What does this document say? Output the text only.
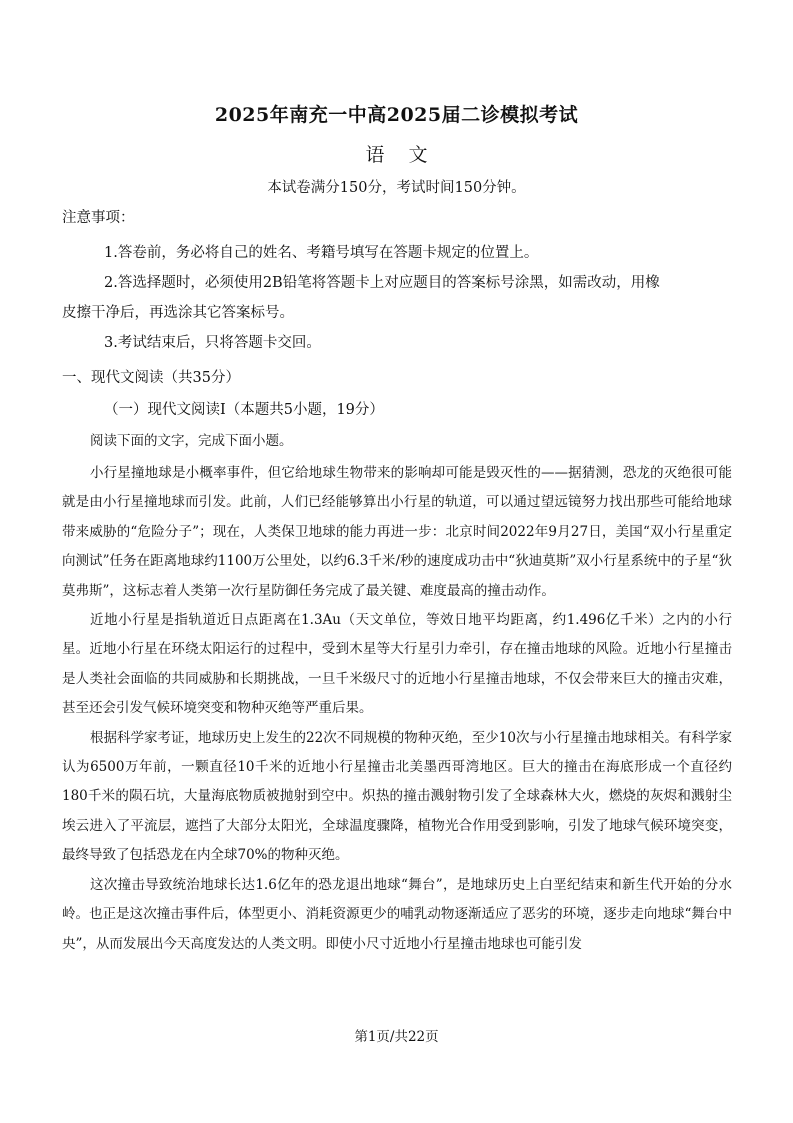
2025年南充一中高2025届二诊模拟考试
语文
本试卷满分150分，考试时间150分钟。
注意事项：

1.答卷前，务必将自己的姓名、考籍号填写在答题卡规定的位置上。

2.答选择题时，必须使用2B铅笔将答题卡上对应题目的答案标号涂黑，如需改动，用橡

皮擦干净后，再选涂其它答案标号。

3.考试结束后，只将答题卡交回。

一、现代文阅读（共35分）
（一）现代文阅读Ⅰ（本题共5小题，19分）
阅读下面的文字，完成下面小题。

小行星撞地球是小概率事件，但它给地球生物带来的影响却可能是毁灭性的——据猜测，恐龙的灭绝很可能就是由小行星撞地球而引发。此前，人们已经能够算出小行星的轨道，可以通过望远镜努力找出那些可能给地球带来威胁的“危险分子”；现在，人类保卫地球的能力再进一步：北京时间2022年9月27日，美国“双小行星重定向测试”任务在距离地球约1100万公里处，以约6.3千米/秒的速度成功击中“狄迪莫斯”双小行星系统中的子星“狄莫弗斯”，这标志着人类第一次行星防御任务完成了最关键、难度最高的撞击动作。

近地小行星是指轨道近日点距离在1.3Au（天文单位，等效日地平均距离，约1.496亿千米）之内的小行星。近地小行星在环绕太阳运行的过程中，受到木星等大行星引力牵引，存在撞击地球的风险。近地小行星撞击是人类社会面临的共同威胁和长期挑战，一旦千米级尺寸的近地小行星撞击地球，不仅会带来巨大的撞击灾难，甚至还会引发气候环境突变和物种灭绝等严重后果。

根据科学家考证，地球历史上发生的22次不同规模的物种灭绝，至少10次与小行星撞击地球相关。有科学家认为6500万年前，一颗直径10千米的近地小行星撞击北美墨西哥湾地区。巨大的撞击在海底形成一个直径约180千米的陨石坑，大量海底物质被抛射到空中。炽热的撞击溅射物引发了全球森林大火，燃烧的灰烬和溅射尘埃云进入了平流层，遮挡了大部分太阳光，全球温度骤降，植物光合作用受到影响，引发了地球气候环境突变，最终导致了包括恐龙在内全球70%的物种灭绝。

这次撞击导致统治地球长达1.6亿年的恐龙退出地球“舞台”，是地球历史上白垩纪结束和新生代开始的分水岭。也正是这次撞击事件后，体型更小、消耗资源更少的哺乳动物逐渐适应了恶劣的环境，逐步走向地球“舞台中央”，从而发展出今天高度发达的人类文明。即使小尺寸近地小行星撞击地球也可能引发

第1页/共22页
